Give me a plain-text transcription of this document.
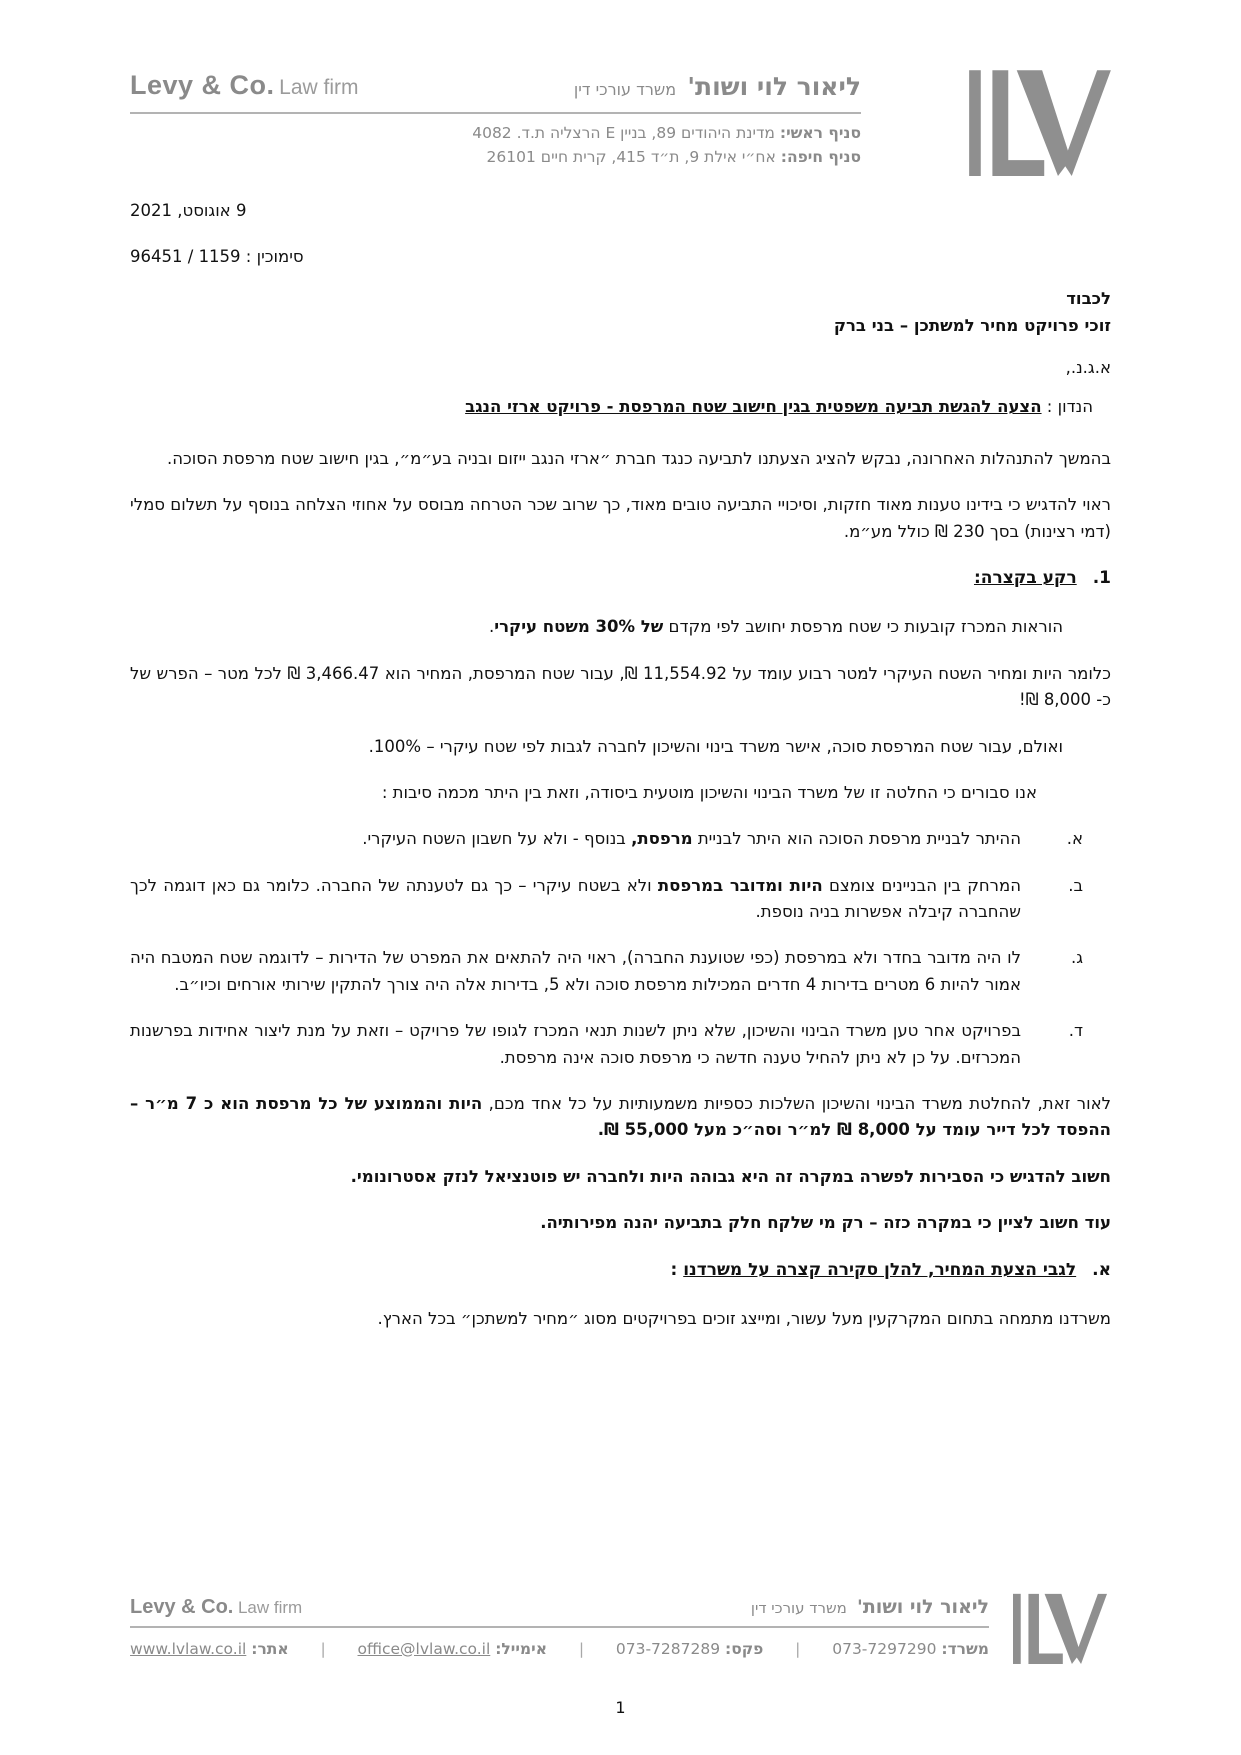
ליאור לוי ושות' משרד עורכי דין
Levy & Co. Law firm
סניף ראשי: מדינת היהודים 89, בניין E הרצליה ת.ד. 4082
סניף חיפה: אח״י אילת 9, ת״ד 415, קרית חיים 26101
9 אוגוסט, 2021
סימוכין : 1159 / 96451
לכבוד
זוכי פרויקט מחיר למשתכן – בני ברק
א.ג.נ.,
הנדון : הצעה להגשת תביעה משפטית בגין חישוב שטח המרפסת - פרויקט ארזי הנגב

בהמשך להתנהלות האחרונה, נבקש להציג הצעתנו לתביעה כנגד חברת ״ארזי הנגב ייזום ובניה בע״מ״, בגין חישוב שטח מרפסת הסוכה.

ראוי להדגיש כי בידינו טענות מאוד חזקות, וסיכויי התביעה טובים מאוד, כך שרוב שכר הטרחה מבוסס על אחוזי הצלחה בנוסף על תשלום סמלי (דמי רצינות) בסך 230 ₪ כולל מע״מ.

1.רקע בקצרה:

הוראות המכרז קובעות כי שטח מרפסת יחושב לפי מקדם של 30% משטח עיקרי.

כלומר היות ומחיר השטח העיקרי למטר רבוע עומד על 11,554.92 ₪, עבור שטח המרפסת, המחיר הוא 3,466.47 ₪ לכל מטר – הפרש של כ- 8,000 ₪!

ואולם, עבור שטח המרפסת סוכה, אישר משרד בינוי והשיכון לחברה לגבות לפי שטח עיקרי – 100%.

אנו סבורים כי החלטה זו של משרד הבינוי והשיכון מוטעית ביסודה, וזאת בין היתר מכמה סיבות :

א.
ההיתר לבניית מרפסת הסוכה הוא היתר לבניית מרפסת, בנוסף - ולא על חשבון השטח העיקרי.
ב.
המרחק בין הבניינים צומצם היות ומדובר במרפסת ולא בשטח עיקרי – כך גם לטענתה של החברה. כלומר גם כאן דוגמה לכך שהחברה קיבלה אפשרות בניה נוספת.
ג.
לו היה מדובר בחדר ולא במרפסת (כפי שטוענת החברה), ראוי היה להתאים את המפרט של הדירות – לדוגמה שטח המטבח היה אמור להיות 6 מטרים בדירות 4 חדרים המכילות מרפסת סוכה ולא 5, בדירות אלה היה צורך להתקין שירותי אורחים וכיו״ב.
ד.
בפרויקט אחר טען משרד הבינוי והשיכון, שלא ניתן לשנות תנאי המכרז לגופו של פרויקט – וזאת על מנת ליצור אחידות בפרשנות המכרזים. על כן לא ניתן להחיל טענה חדשה כי מרפסת סוכה אינה מרפסת.

לאור זאת, להחלטת משרד הבינוי והשיכון השלכות כספיות משמעותיות על כל אחד מכם, היות והממוצע של כל מרפסת הוא כ 7 מ״ר – ההפסד לכל דייר עומד על 8,000 ₪ למ״ר וסה״כ מעל 55,000 ₪.

חשוב להדגיש כי הסבירות לפשרה במקרה זה היא גבוהה היות ולחברה יש פוטנציאל לנזק אסטרונומי.

עוד חשוב לציין כי במקרה כזה – רק מי שלקח חלק בתביעה יהנה מפירותיה.

א.לגבי הצעת המחיר, להלן סקירה קצרה על משרדנו :

משרדנו מתמחה בתחום המקרקעין מעל עשור, ומייצג זוכים בפרויקטים מסוג ״מחיר למשתכן״ בכל הארץ.

ליאור לוי ושות' משרד עורכי דין
Levy & Co. Law firm
משרד: 073-7297290
|
פקס: 073-7287289
|
אימייל: office@lvlaw.co.il
|
אתר: www.lvlaw.co.il
1
